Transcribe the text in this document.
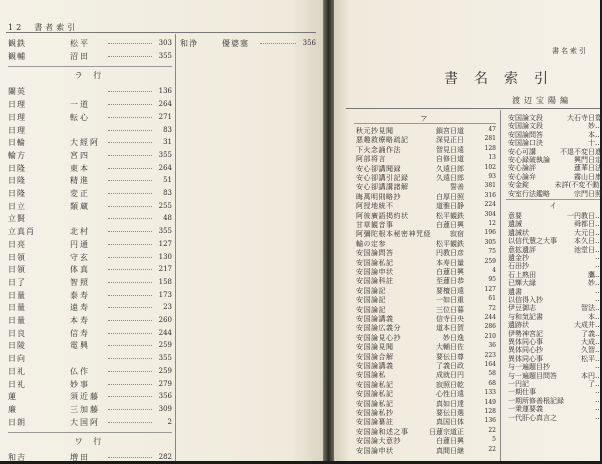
12 書者索引
観鉄	松平	303
観輔	沼田	355
ラ 行
闌英	136
日理	一道	264
日理	転心	271
日理	83
日輪	大經阿	31
輪方	宮四	355
日隆	東本	264
日隆	精進	51
日隆	変正	83
日立	類蔵	255
立賢	48
立真肖	北村	355
日亮	円通	127
日領	守玄	130
日領	体真	217
日了	智照	158
日量	泰寿	173
日量	遠寿	23
日量	本寿	260
日良	信寿	244
日陵	電興	259
日向	355
日礼	仏作	259
日礼	妙事	279
蓮	須近藤	356
廉	三加藤	309
日朗	大国阿	2
ワ 行
和吉	増田	282
和浄	優婆塞	356
書名索引
書名索引
渡辺宝陽編
ア
秋元抄見聞	鎖宮日道	47
悪趣救療略疏記	深見正日	281
下火念誦作法	智見日遠	128
阿部将言	自修日道	13
安心卻講聞録	久遠日郎	102
安心卻講引記録	久遠日郎	93
安心卻講講諸解	誓善	381
晦萬明則略抄	白厚日照	316
阿授地統不	道雅日静	224
阿彼廣語掲約状	松平観鉄	304
甘草観音事	白蓮日興	12
阿彌陀根本秘密神咒経	寂宿	196
輸の定参	松平観鉄	305
安国論問答	円教日彦	75
安国論私記	本寿日量	259
安国論申状	白蓮日興	4
安国論科註	至蓮日恭	95
安国論記	要檀日遠	127
安国論記	一如日重	61
安国論記	三位日暮	72
安国論講義	信寺日央	244
安国論広義分	道本日賀	286
安国論見心抄	妙日逸	210
安国論見聞	大輔日佐	36
安国論合解	要伝日尊	223
安国論講義	了義日政	164
安国論私	成就日円	58
安国論私記	寂照日乾	68
安国論私記	心性日遠	133
安国論私記	真如日達	149
安国論私抄	要伝日選	128
安国論纂註	真国日体	136
安国論和述之事	日蓮宗道正	22
安国論大意抄	白蓮日興	5
安国論申状	真間日継	22
安国論文段	大石寺日寛
安国論文段	妙…
安国論問答	本…
安国論口決	十…
安心可講	不退不変日進
安心録破執論	興門日定
安心論評	蓮華日法
安心論弁	霧山日康
安金錠	未詳(不変不動)
安室行法鑑略	宗門日照
イ
意要	一円教日…
遺誡	舜都日…
遺誡状	大元日…
以信代慧之大事 本久日…
意拡遺評	池堂日…
遺金抄	…
石田抄	…
石上熟田	鷹…
已輝大縁	妙…
遺書	…
以信得入抄	…
伊豆御志	智法…
与和気記書	本…
遺跡状	大成井…
伊勢神宮記	了義…
異体同心事	大成…
異体同心抄	久智…
異体同心事	松平…
与一遍題目抄	…
与一遍題目問答	本円…
一円記	了…
一期仕事	…
一期所修善根記録	…
一乗運要義	…
一代肝心真言之	…
